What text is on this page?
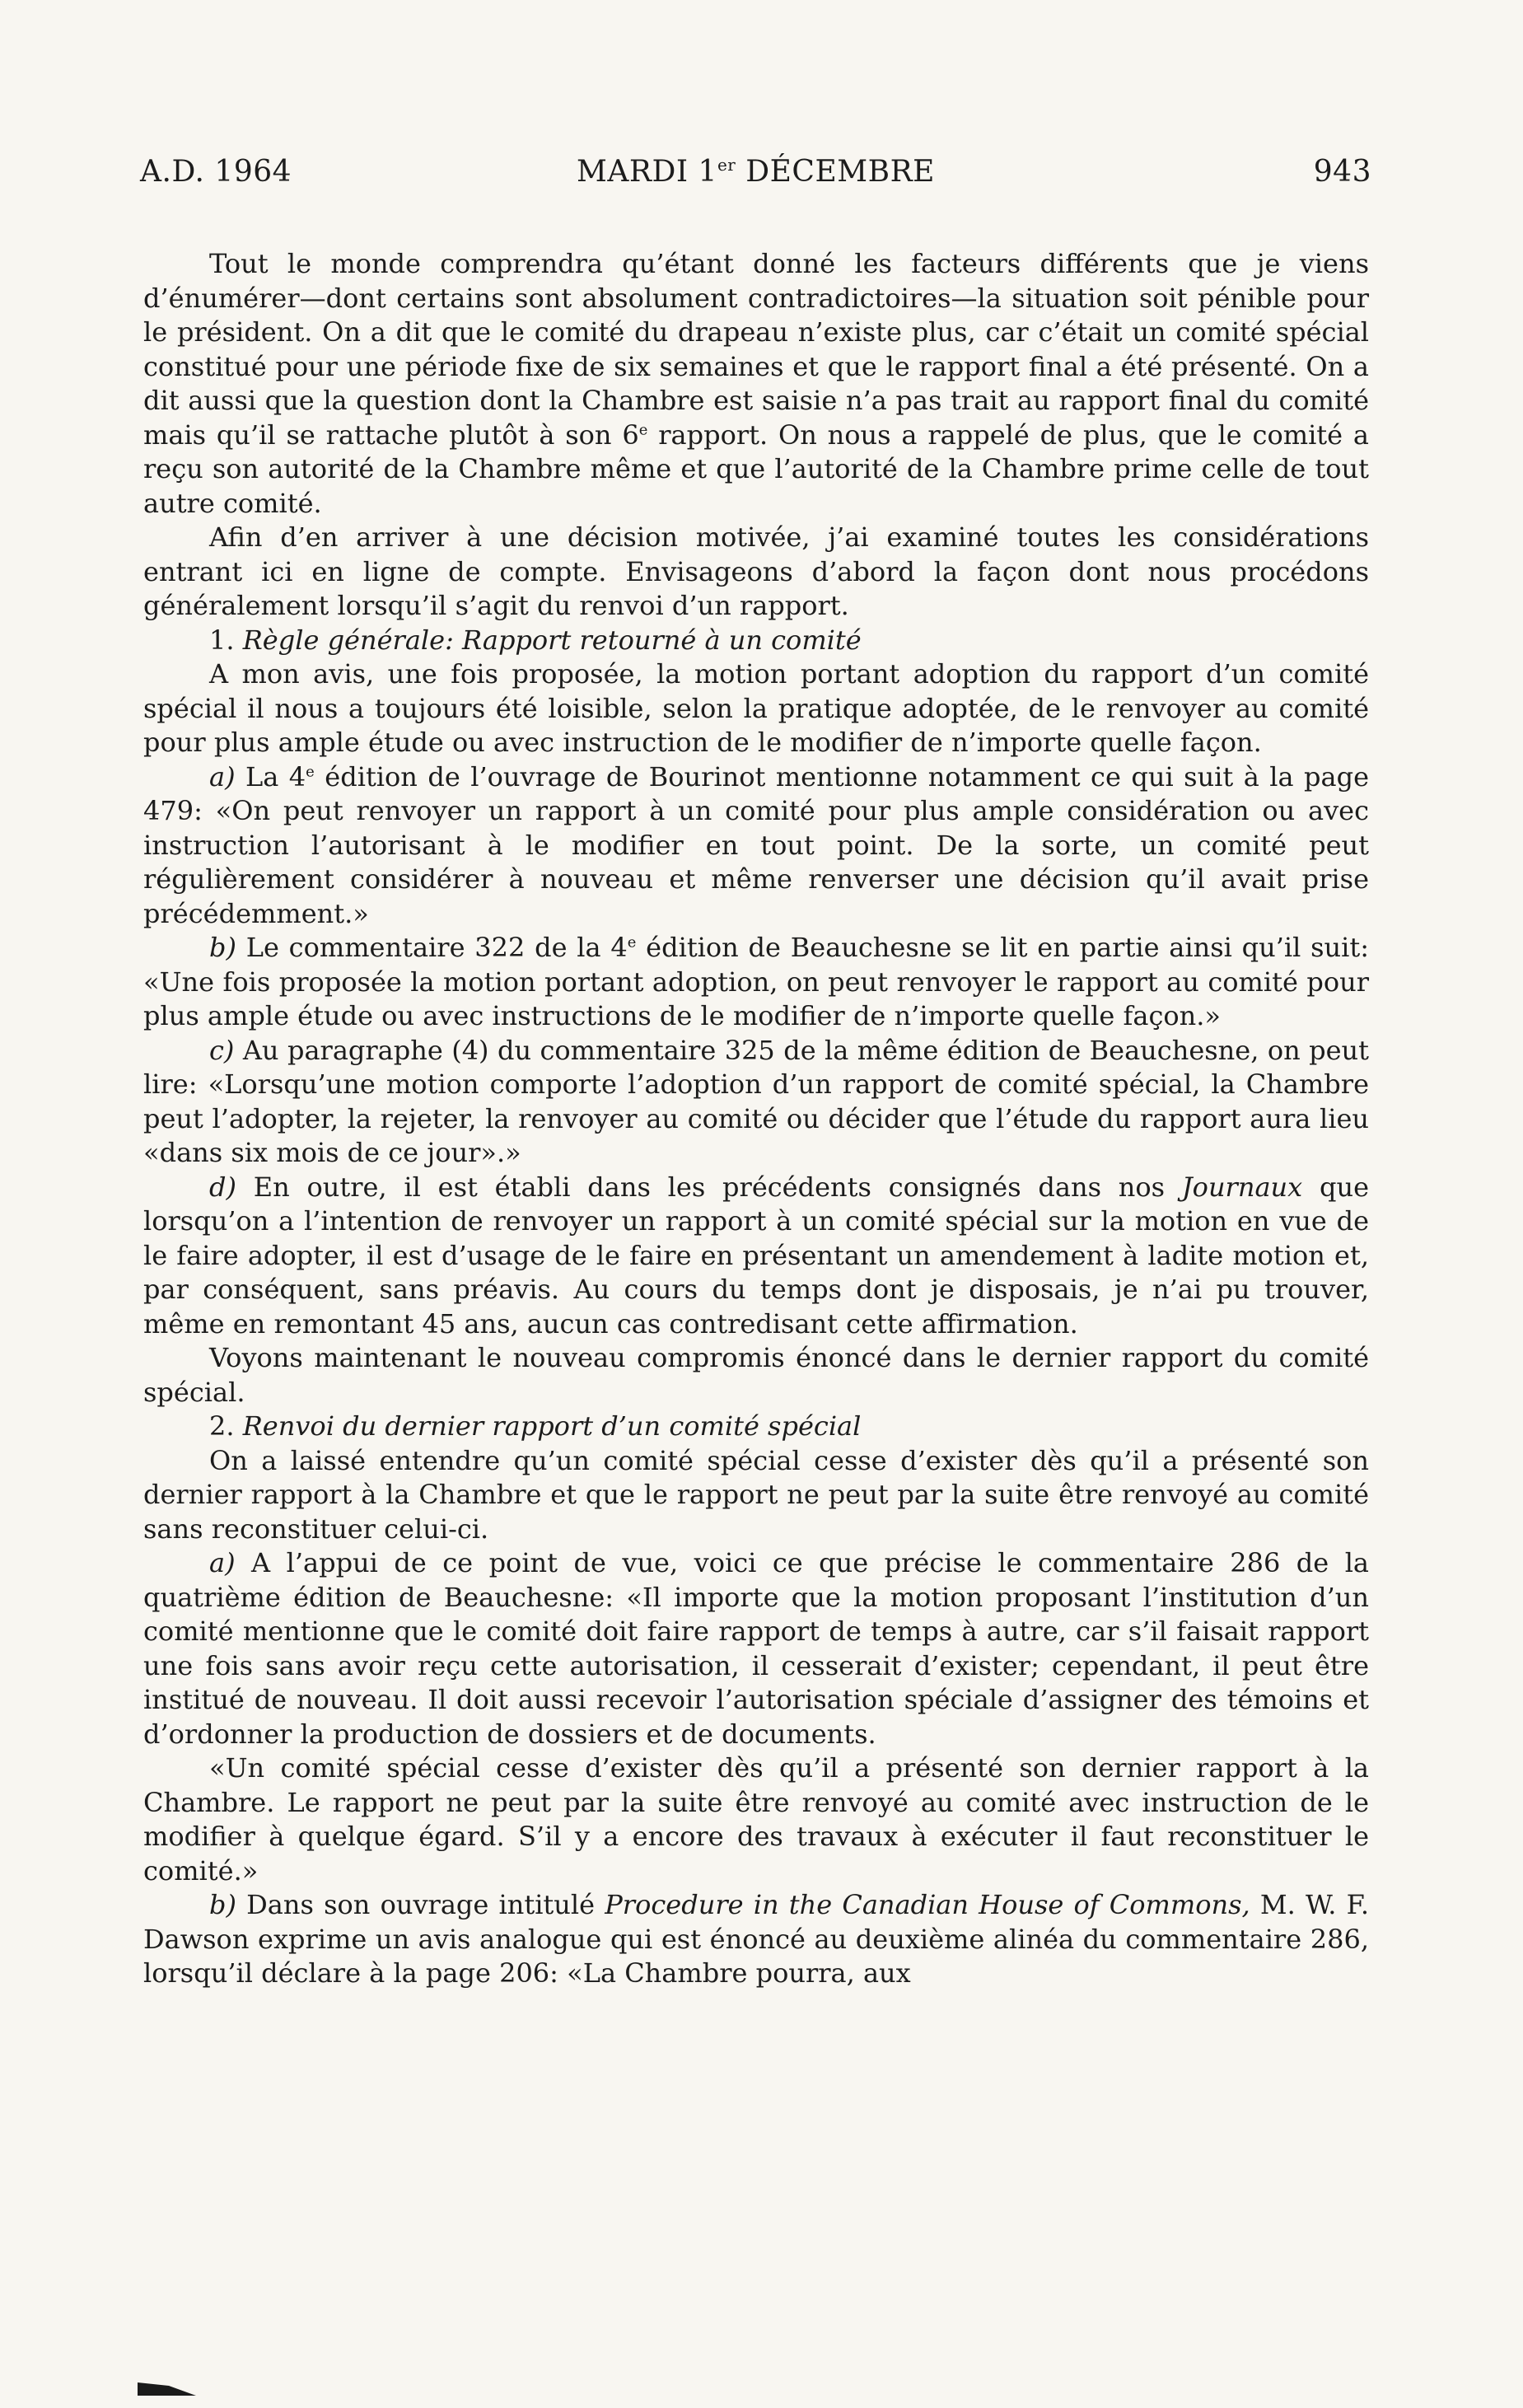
A.D. 1964	MARDI 1er DÉCEMBRE	943

Tout le monde comprendra qu’étant donné les facteurs différents que je viens d’énumérer—dont certains sont absolument contradictoires—la situation soit pénible pour le président. On a dit que le comité du drapeau n’existe plus, car c’était un comité spécial constitué pour une période fixe de six semaines et que le rapport final a été présenté. On a dit aussi que la question dont la Chambre est saisie n’a pas trait au rapport final du comité mais qu’il se rattache plutôt à son 6e rapport. On nous a rappelé de plus, que le comité a reçu son autorité de la Chambre même et que l’autorité de la Chambre prime celle de tout autre comité.

Afin d’en arriver à une décision motivée, j’ai examiné toutes les considérations entrant ici en ligne de compte. Envisageons d’abord la façon dont nous procédons généralement lorsqu’il s’agit du renvoi d’un rapport.

1. Règle générale: Rapport retourné à un comité

A mon avis, une fois proposée, la motion portant adoption du rapport d’un comité spécial il nous a toujours été loisible, selon la pratique adoptée, de le renvoyer au comité pour plus ample étude ou avec instruction de le modifier de n’importe quelle façon.

a) La 4e édition de l’ouvrage de Bourinot mentionne notamment ce qui suit à la page 479: «On peut renvoyer un rapport à un comité pour plus ample considération ou avec instruction l’autorisant à le modifier en tout point. De la sorte, un comité peut régulièrement considérer à nouveau et même renverser une décision qu’il avait prise précédemment.»

b) Le commentaire 322 de la 4e édition de Beauchesne se lit en partie ainsi qu’il suit: «Une fois proposée la motion portant adoption, on peut renvoyer le rapport au comité pour plus ample étude ou avec instructions de le modifier de n’importe quelle façon.»

c) Au paragraphe (4) du commentaire 325 de la même édition de Beauchesne, on peut lire: «Lorsqu’une motion comporte l’adoption d’un rapport de comité spécial, la Chambre peut l’adopter, la rejeter, la renvoyer au comité ou décider que l’étude du rapport aura lieu «dans six mois de ce jour».»

d) En outre, il est établi dans les précédents consignés dans nos Journaux que lorsqu’on a l’intention de renvoyer un rapport à un comité spécial sur la motion en vue de le faire adopter, il est d’usage de le faire en présentant un amendement à ladite motion et, par conséquent, sans préavis. Au cours du temps dont je disposais, je n’ai pu trouver, même en remontant 45 ans, aucun cas contredisant cette affirmation.

Voyons maintenant le nouveau compromis énoncé dans le dernier rapport du comité spécial.

2. Renvoi du dernier rapport d’un comité spécial

On a laissé entendre qu’un comité spécial cesse d’exister dès qu’il a présenté son dernier rapport à la Chambre et que le rapport ne peut par la suite être renvoyé au comité sans reconstituer celui-ci.

a) A l’appui de ce point de vue, voici ce que précise le commentaire 286 de la quatrième édition de Beauchesne: «Il importe que la motion proposant l’institution d’un comité mentionne que le comité doit faire rapport de temps à autre, car s’il faisait rapport une fois sans avoir reçu cette autorisation, il cesserait d’exister; cependant, il peut être institué de nouveau. Il doit aussi recevoir l’autorisation spéciale d’assigner des témoins et d’ordonner la production de dossiers et de documents.

«Un comité spécial cesse d’exister dès qu’il a présenté son dernier rapport à la Chambre. Le rapport ne peut par la suite être renvoyé au comité avec instruction de le modifier à quelque égard. S’il y a encore des travaux à exécuter il faut reconstituer le comité.»

b) Dans son ouvrage intitulé Procedure in the Canadian House of Commons, M. W. F. Dawson exprime un avis analogue qui est énoncé au deuxième alinéa du commentaire 286, lorsqu’il déclare à la page 206: «La Chambre pourra, aux
